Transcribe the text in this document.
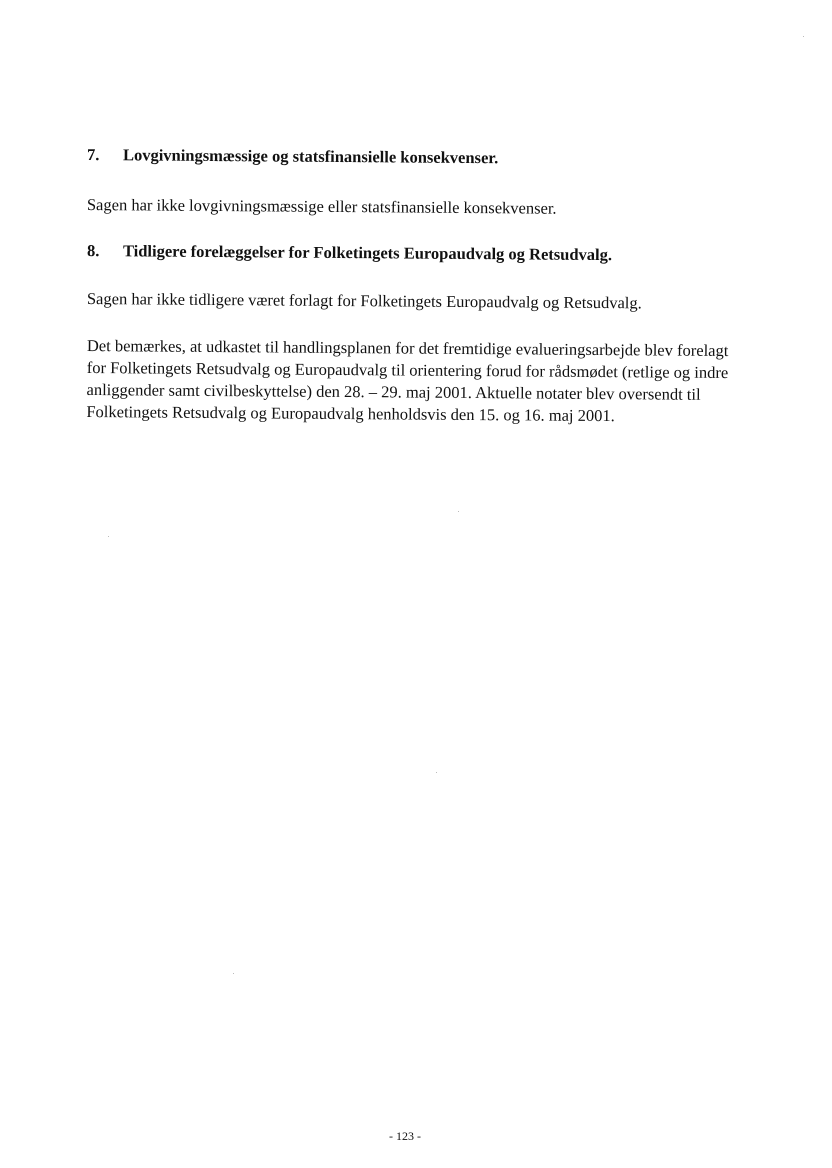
7. Lovgivningsmæssige og statsfinansielle konsekvenser.
Sagen har ikke lovgivningsmæssige eller statsfinansielle konsekvenser.
8. Tidligere forelæggelser for Folketingets Europaudvalg og Retsudvalg.
Sagen har ikke tidligere været forlagt for Folketingets Europaudvalg og Retsudvalg.
Det bemærkes, at udkastet til handlingsplanen for det fremtidige evalueringsarbejde blev forelagt
for Folketingets Retsudvalg og Europaudvalg til orientering forud for rådsmødet (retlige og indre
anliggender samt civilbeskyttelse) den 28. – 29. maj 2001. Aktuelle notater blev oversendt til
Folketingets Retsudvalg og Europaudvalg henholdsvis den 15. og 16. maj 2001.
- 123 -
